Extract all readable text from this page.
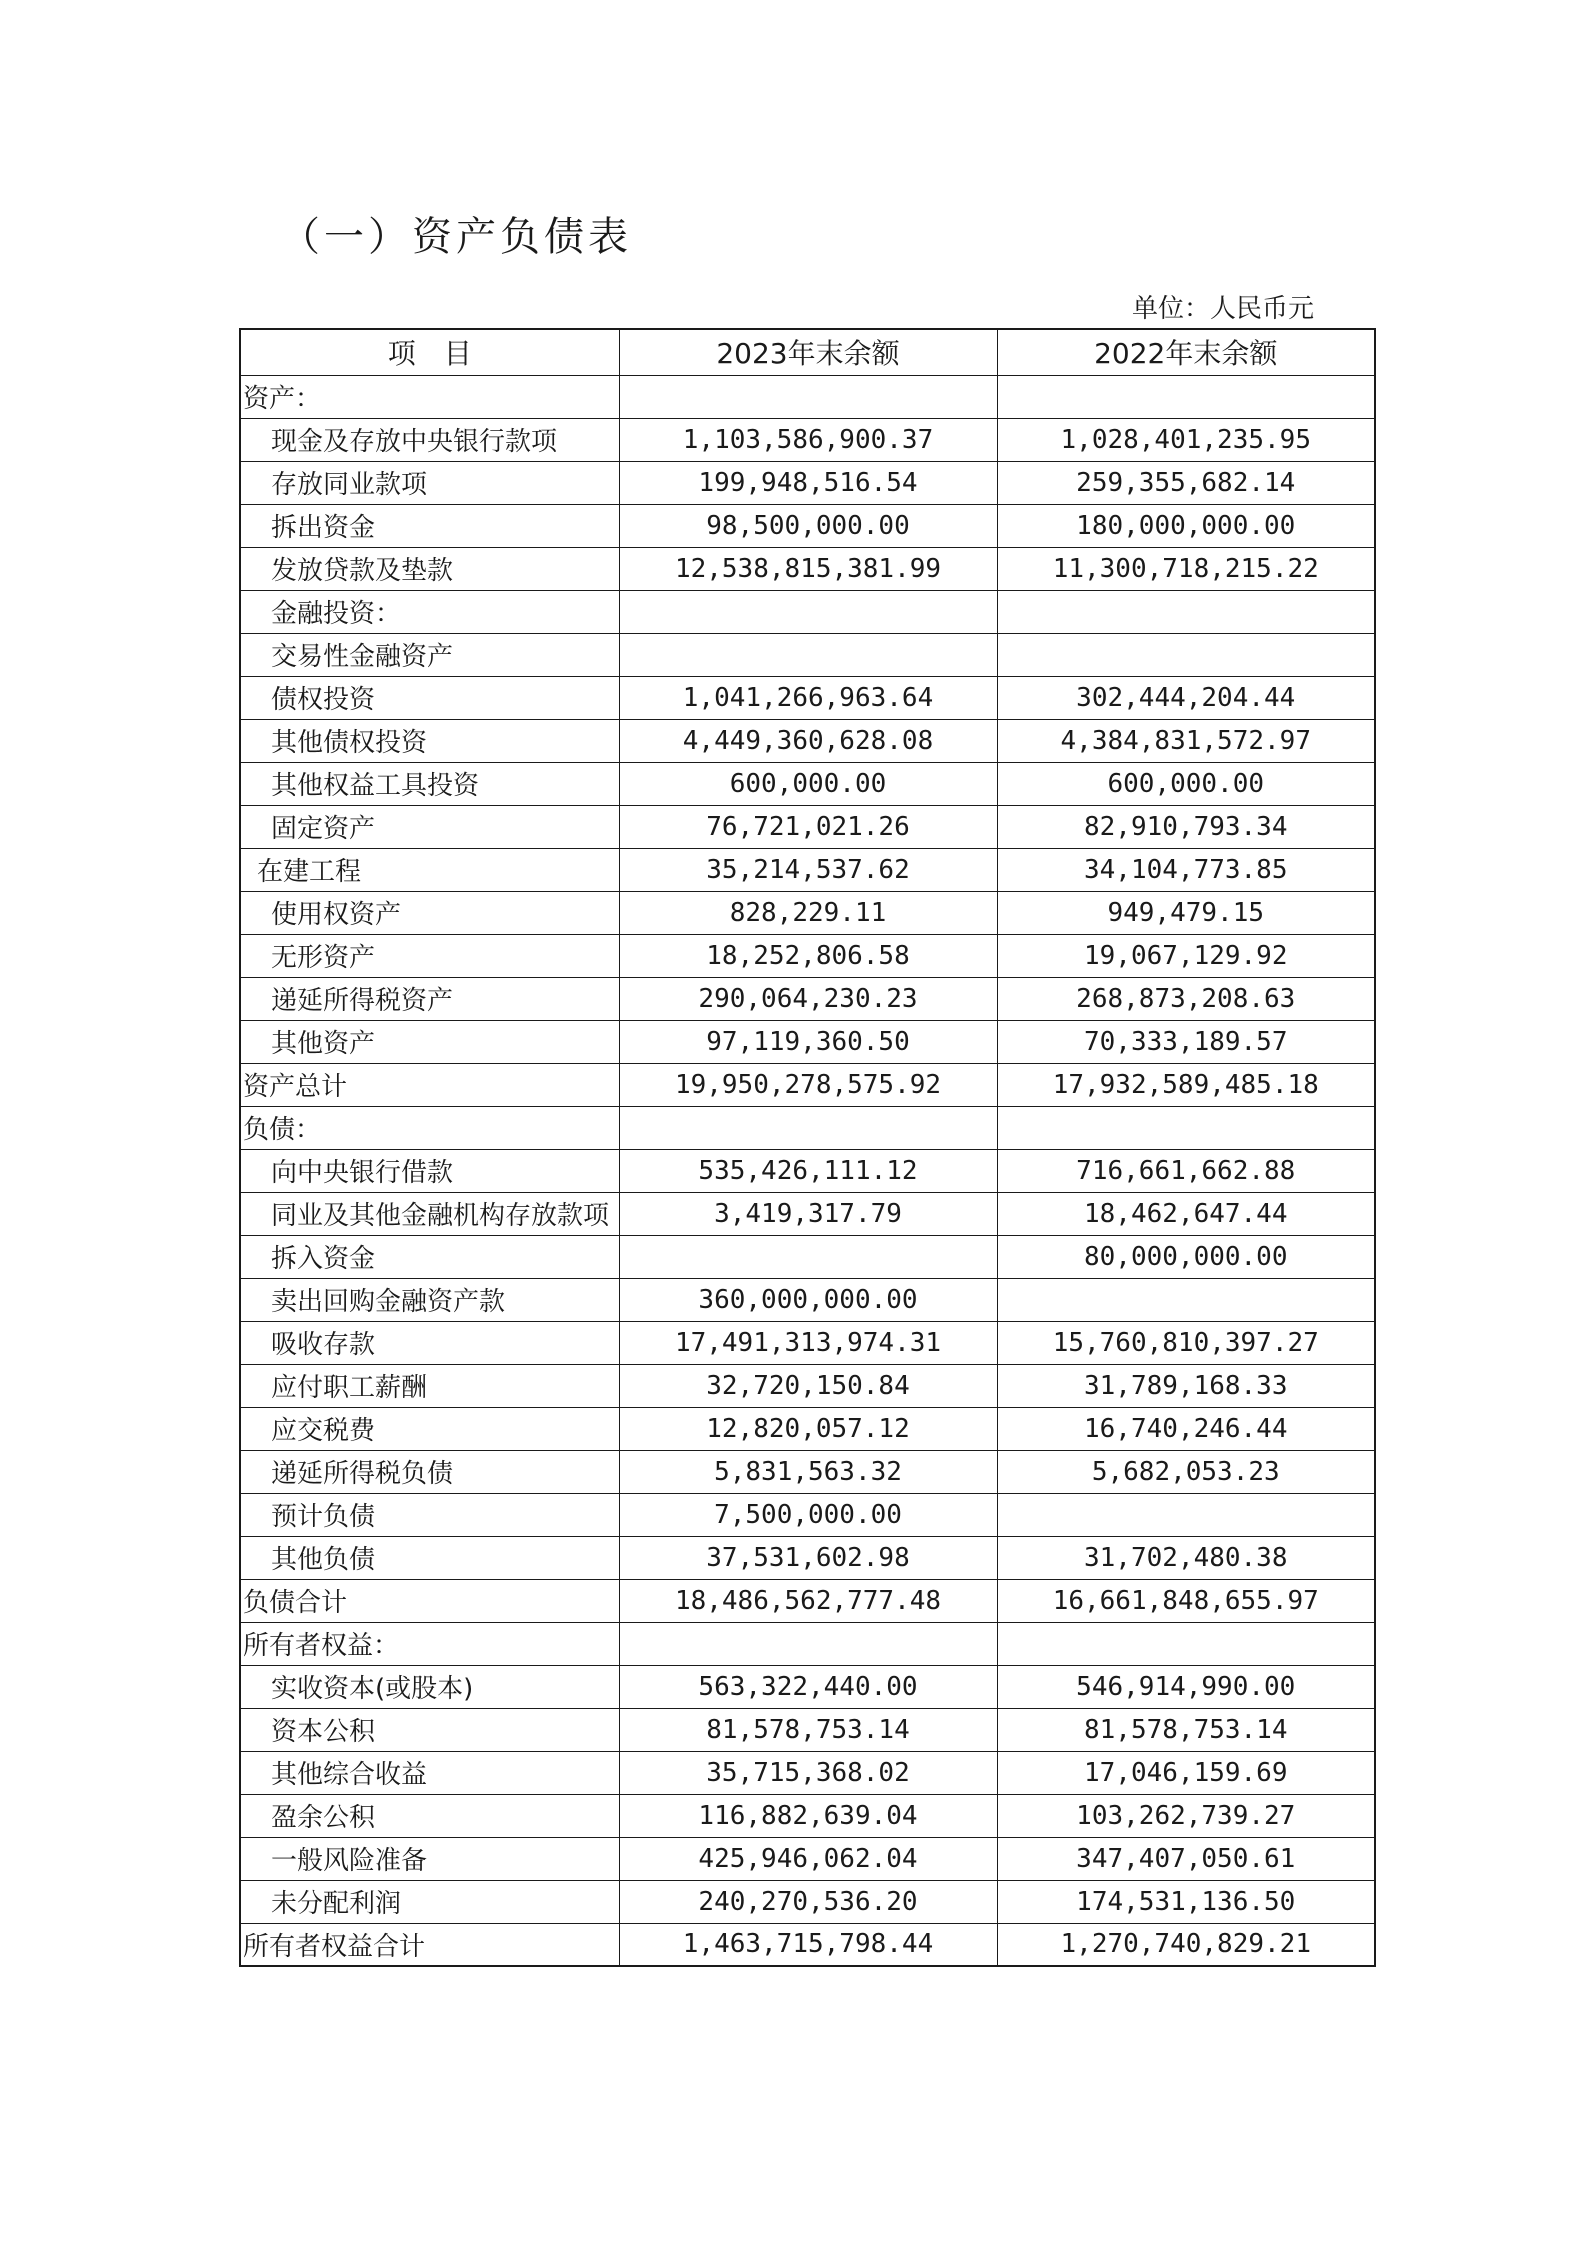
（一）资产负债表
单位：人民币元
项　目	2023年末余额	2022年末余额
资产：		
现金及存放中央银行款项	1,103,586,900.37	1,028,401,235.95
存放同业款项	199,948,516.54	259,355,682.14
拆出资金	98,500,000.00	180,000,000.00
发放贷款及垫款	12,538,815,381.99	11,300,718,215.22
金融投资：		
交易性金融资产		
债权投资	1,041,266,963.64	302,444,204.44
其他债权投资	4,449,360,628.08	4,384,831,572.97
其他权益工具投资	600,000.00	600,000.00
固定资产	76,721,021.26	82,910,793.34
在建工程	35,214,537.62	34,104,773.85
使用权资产	828,229.11	949,479.15
无形资产	18,252,806.58	19,067,129.92
递延所得税资产	290,064,230.23	268,873,208.63
其他资产	97,119,360.50	70,333,189.57
资产总计	19,950,278,575.92	17,932,589,485.18
负债：		
向中央银行借款	535,426,111.12	716,661,662.88
同业及其他金融机构存放款项	3,419,317.79	18,462,647.44
拆入资金		80,000,000.00
卖出回购金融资产款	360,000,000.00	
吸收存款	17,491,313,974.31	15,760,810,397.27
应付职工薪酬	32,720,150.84	31,789,168.33
应交税费	12,820,057.12	16,740,246.44
递延所得税负债	5,831,563.32	5,682,053.23
预计负债	7,500,000.00	
其他负债	37,531,602.98	31,702,480.38
负债合计	18,486,562,777.48	16,661,848,655.97
所有者权益：		
实收资本(或股本)	563,322,440.00	546,914,990.00
资本公积	81,578,753.14	81,578,753.14
其他综合收益	35,715,368.02	17,046,159.69
盈余公积	116,882,639.04	103,262,739.27
一般风险准备	425,946,062.04	347,407,050.61
未分配利润	240,270,536.20	174,531,136.50
所有者权益合计	1,463,715,798.44	1,270,740,829.21
